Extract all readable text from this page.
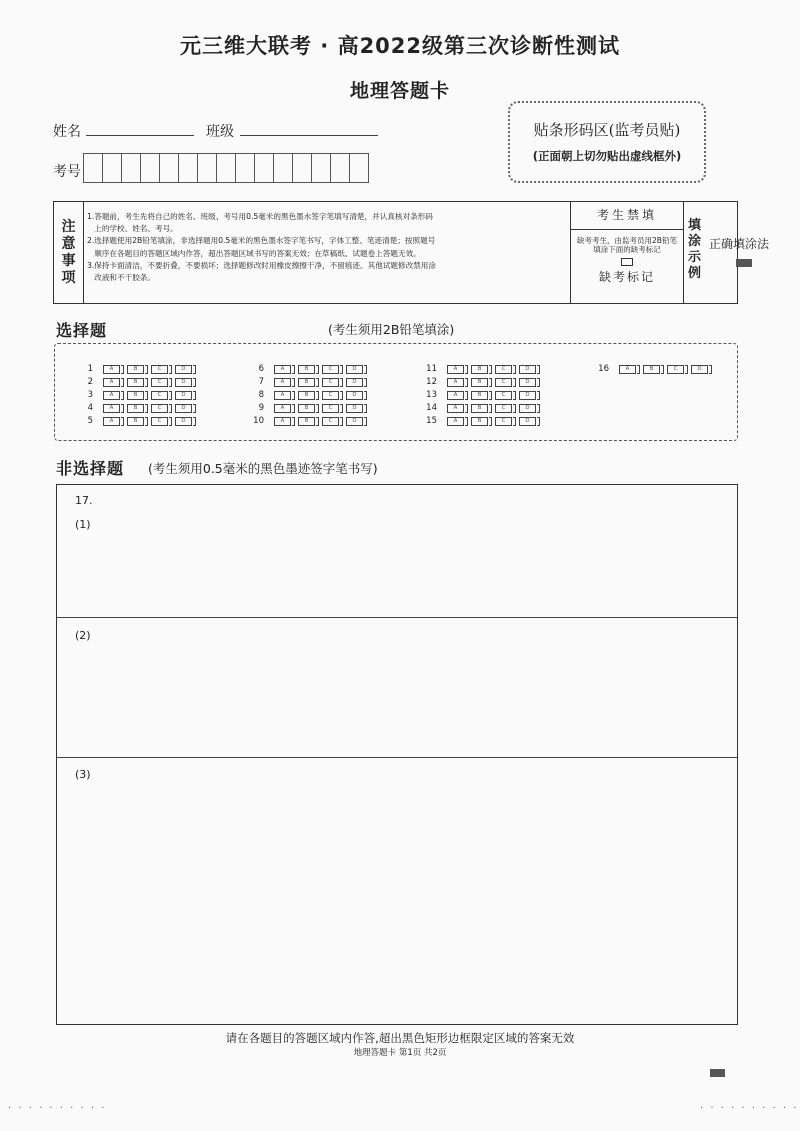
元三维大联考 · 高2022级第三次诊断性测试
地理答题卡
姓名	班级
考号
贴条形码区(监考员贴)
(正面朝上切勿贴出虚线框外)
注
意
事
项
1.答题前，考生先将自己的姓名、班级、考号用0.5毫米的黑色墨水签字笔填写清楚，并认真核对条形码
上的学校、姓名、考号。
2.选择题使用2B铅笔填涂，非选择题用0.5毫米的黑色墨水签字笔书写，字体工整、笔迹清楚；按照题号
顺序在各题目的答题区域内作答，超出答题区域书写的答案无效；在草稿纸、试题卷上答题无效。
3.保持卡面清洁，不要折叠，不要损坏；选择题修改时用橡皮擦擦干净，不留痕迹。其他试题修改禁用涂
改液和不干胶条。
考生禁填
缺考考生，由监考员用2B铅笔填涂下面的缺考标记
缺考标记
填
涂
示
例
正确填涂法
选择题	(考生须用2B铅笔填涂)
1	A	B	C	D
2	A	B	C	D
3	A	B	C	D
4	A	B	C	D
5	A	B	C	D
6	A	B	C	D
7	A	B	C	D
8	A	B	C	D
9	A	B	C	D
10	A	B	C	D
11	A	B	C	D
12	A	B	C	D
13	A	B	C	D
14	A	B	C	D
15	A	B	C	D
16	A	B	C	D
非选择题 (考生须用0.5毫米的黑色墨迹签字笔书写)
17.
(1)
(2)
(3)
请在各题目的答题区域内作答,超出黑色矩形边框限定区域的答案无效
地理答题卡 第1页 共2页
· · · · · · · · · ·	· · · · · · · · · ·
